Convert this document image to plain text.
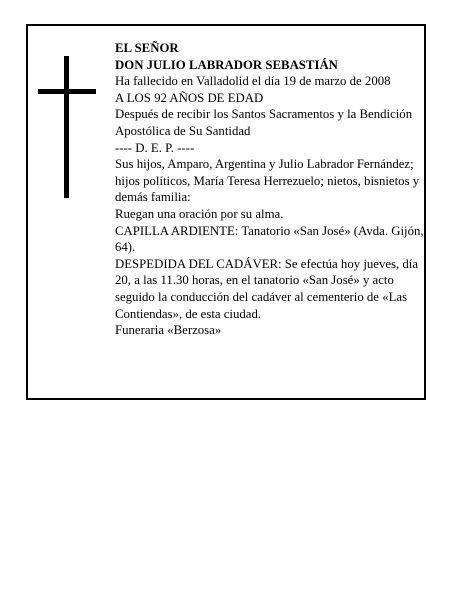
EL SEÑOR

DON JULIO LABRADOR SEBASTIÁN

Ha fallecido en Valladolid el día 19 de marzo de 2008

A LOS 92 AÑOS DE EDAD

Después de recibir los Santos Sacramentos y la Bendición Apostólica de Su Santidad

---- D. E. P. ----

Sus hijos, Amparo, Argentina y Julio Labrador Fernández; hijos políticos, María Teresa Herrezuelo; nietos, bisnietos y demás familia:

Ruegan una oración por su alma.

CAPILLA ARDIENTE: Tanatorio «San José» (Avda. Gijón, 64).

DESPEDIDA DEL CADÁVER: Se efectúa hoy jueves, día 20, a las 11.30 horas, en el tanatorio «San José» y acto seguido la conducción del cadáver al cementerio de «Las Contiendas», de esta ciudad.

Funeraria «Berzosa»
